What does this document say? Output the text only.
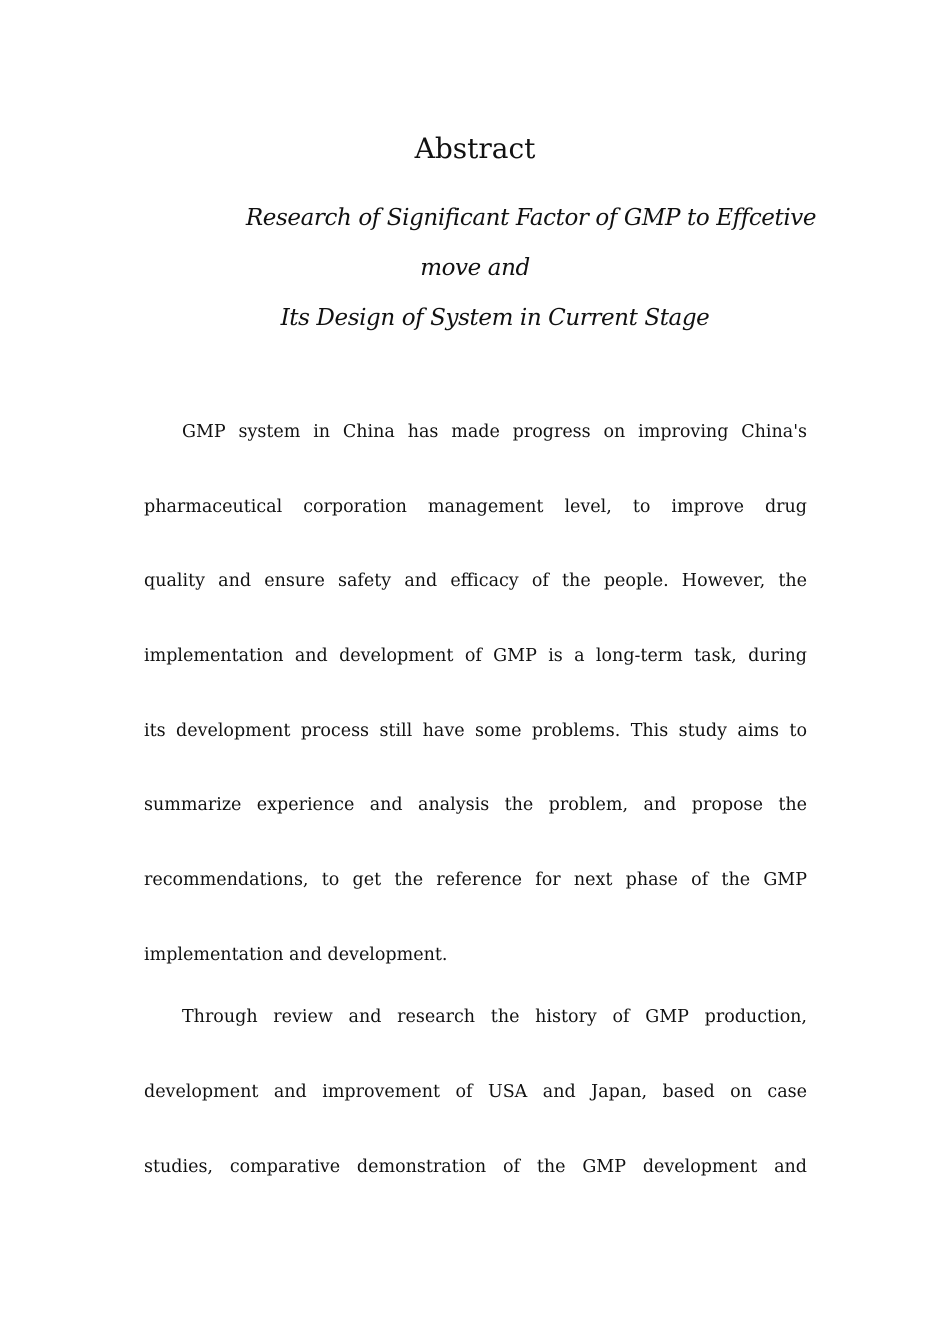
Abstract

Research of Significant Factor of GMP to Effcetive

move and

Its Design of System in Current Stage

GMP system in China has made progress on improving China's

pharmaceutical corporation management level, to improve drug

quality and ensure safety and efficacy of the people. However, the

implementation and development of GMP is a long-term task, during

its development process still have some problems. This study aims to

summarize experience and analysis the problem, and propose the

recommendations, to get the reference for next phase of the GMP

implementation and development.

Through review and research the history of GMP production,

development and improvement of USA and Japan, based on case

studies, comparative demonstration of the GMP development and
